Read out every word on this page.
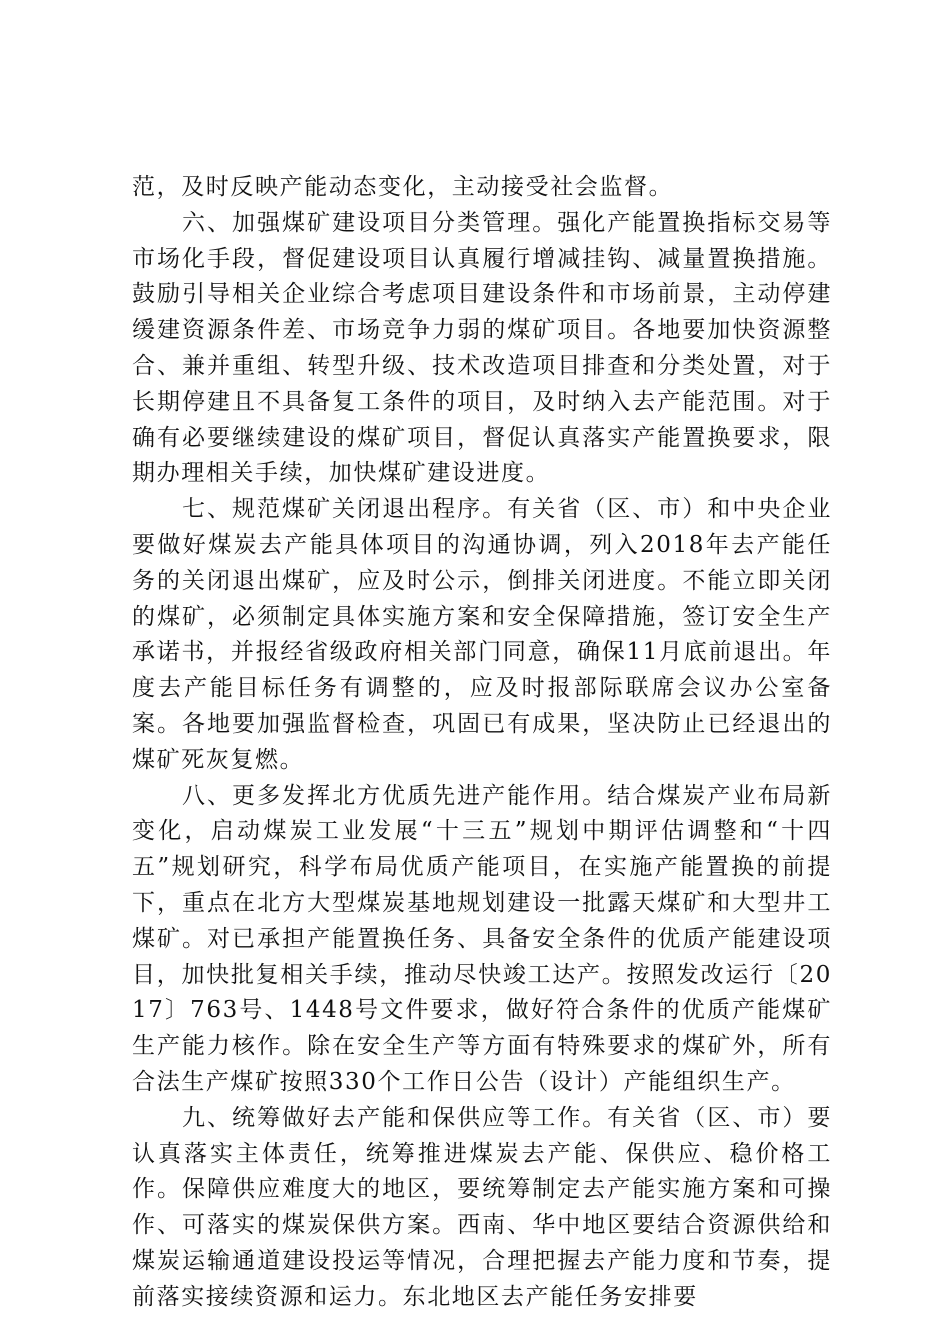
范，及时反映产能动态变化，主动接受社会监督。

六、加强煤矿建设项目分类管理。强化产能置换指标交易等市场化手段，督促建设项目认真履行增减挂钩、减量置换措施。鼓励引导相关企业综合考虑项目建设条件和市场前景，主动停建缓建资源条件差、市场竞争力弱的煤矿项目。各地要加快资源整合、兼并重组、转型升级、技术改造项目排查和分类处置，对于长期停建且不具备复工条件的项目，及时纳入去产能范围。对于确有必要继续建设的煤矿项目，督促认真落实产能置换要求，限期办理相关手续，加快煤矿建设进度。

七、规范煤矿关闭退出程序。有关省（区、市）和中央企业要做好煤炭去产能具体项目的沟通协调，列入2018年去产能任务的关闭退出煤矿，应及时公示，倒排关闭进度。不能立即关闭的煤矿，必须制定具体实施方案和安全保障措施，签订安全生产承诺书，并报经省级政府相关部门同意，确保11月底前退出。年度去产能目标任务有调整的，应及时报部际联席会议办公室备案。各地要加强监督检查，巩固已有成果，坚决防止已经退出的煤矿死灰复燃。

八、更多发挥北方优质先进产能作用。结合煤炭产业布局新变化，启动煤炭工业发展“十三五”规划中期评估调整和“十四五”规划研究，科学布局优质产能项目，在实施产能置换的前提下，重点在北方大型煤炭基地规划建设一批露天煤矿和大型井工煤矿。对已承担产能置换任务、具备安全条件的优质产能建设项目，加快批复相关手续，推动尽快竣工达产。按照发改运行〔2017〕763号、1448号文件要求，做好符合条件的优质产能煤矿生产能力核作。除在安全生产等方面有特殊要求的煤矿外，所有合法生产煤矿按照330个工作日公告（设计）产能组织生产。

九、统筹做好去产能和保供应等工作。有关省（区、市）要认真落实主体责任，统筹推进煤炭去产能、保供应、稳价格工作。保障供应难度大的地区，要统筹制定去产能实施方案和可操作、可落实的煤炭保供方案。西南、华中地区要结合资源供给和煤炭运输通道建设投运等情况，合理把握去产能力度和节奏，提前落实接续资源和运力。东北地区去产能任务安排要
